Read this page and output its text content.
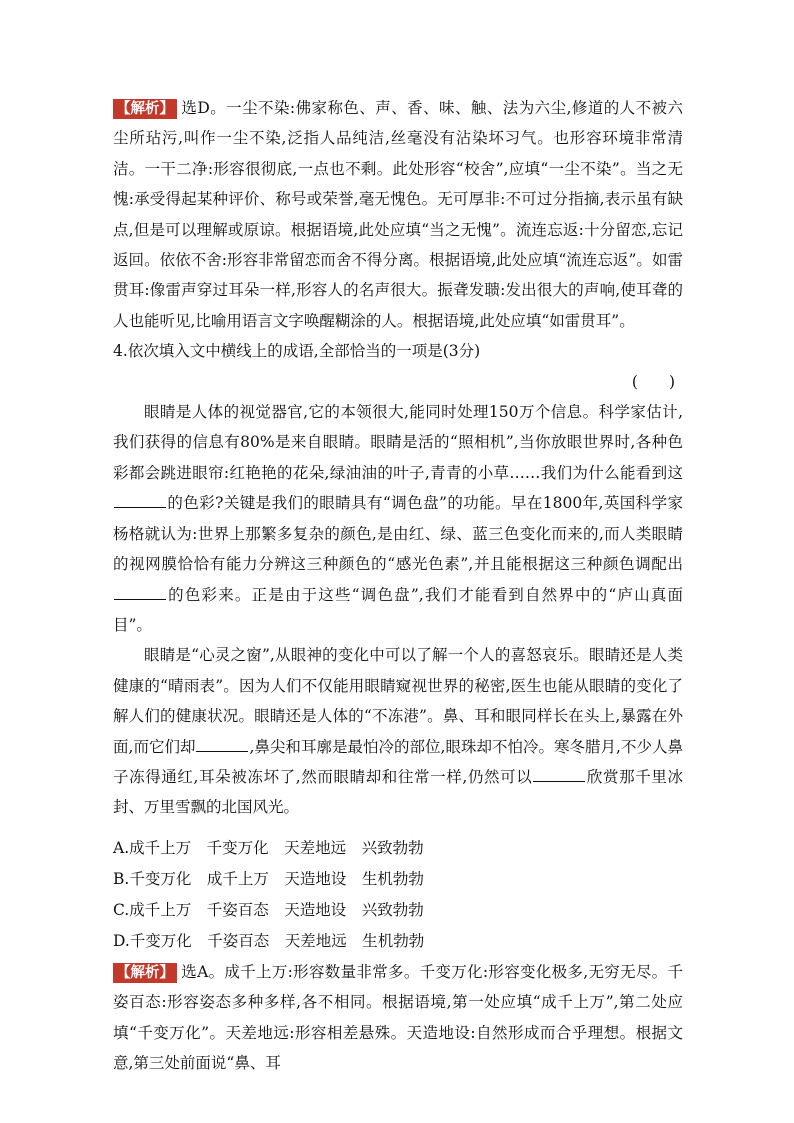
【解析】 选D。一尘不染:佛家称色、声、香、味、触、法为六尘,修道的人不被六尘所玷污,叫作一尘不染,泛指人品纯洁,丝毫没有沾染坏习气。也形容环境非常清洁。一干二净:形容很彻底,一点也不剩。此处形容“校舍”,应填“一尘不染”。当之无愧:承受得起某种评价、称号或荣誉,毫无愧色。无可厚非:不可过分指摘,表示虽有缺点,但是可以理解或原谅。根据语境,此处应填“当之无愧”。流连忘返:十分留恋,忘记返回。依依不舍:形容非常留恋而舍不得分离。根据语境,此处应填“流连忘返”。如雷贯耳:像雷声穿过耳朵一样,形容人的名声很大。振聋发聩:发出很大的声响,使耳聋的人也能听见,比喻用语言文字唤醒糊涂的人。根据语境,此处应填“如雷贯耳”。

4.依次填入文中横线上的成语,全部恰当的一项是(3分)

(　　)

眼睛是人体的视觉器官,它的本领很大,能同时处理150万个信息。科学家估计,我们获得的信息有80%是来自眼睛。眼睛是活的“照相机”,当你放眼世界时,各种色彩都会跳进眼帘:红艳艳的花朵,绿油油的叶子,青青的小草……我们为什么能看到这的色彩?关键是我们的眼睛具有“调色盘”的功能。早在1800年,英国科学家杨格就认为:世界上那繁多复杂的颜色,是由红、绿、蓝三色变化而来的,而人类眼睛的视网膜恰恰有能力分辨这三种颜色的“感光色素”,并且能根据这三种颜色调配出的色彩来。正是由于这些“调色盘”,我们才能看到自然界中的“庐山真面目”。

眼睛是“心灵之窗”,从眼神的变化中可以了解一个人的喜怒哀乐。眼睛还是人类健康的“晴雨表”。因为人们不仅能用眼睛窥视世界的秘密,医生也能从眼睛的变化了解人们的健康状况。眼睛还是人体的“不冻港”。鼻、耳和眼同样长在头上,暴露在外面,而它们却	,鼻尖和耳廓是最怕冷的部位,眼珠却不怕冷。寒冬腊月,不少人鼻子冻得通红,耳朵被冻坏了,然而眼睛却和往常一样,仍然可以	欣赏那千里冰封、万里雪飘的北国风光。

A.成千上万　千变万化　天差地远　兴致勃勃

B.千变万化　成千上万　天造地设　生机勃勃

C.成千上万　千姿百态　天造地设　兴致勃勃

D.千变万化　千姿百态　天差地远　生机勃勃

【解析】 选A。成千上万:形容数量非常多。千变万化:形容变化极多,无穷无尽。千姿百态:形容姿态多种多样,各不相同。根据语境,第一处应填“成千上万”,第二处应填“千变万化”。天差地远:形容相差悬殊。天造地设:自然形成而合乎理想。根据文意,第三处前面说“鼻、耳
